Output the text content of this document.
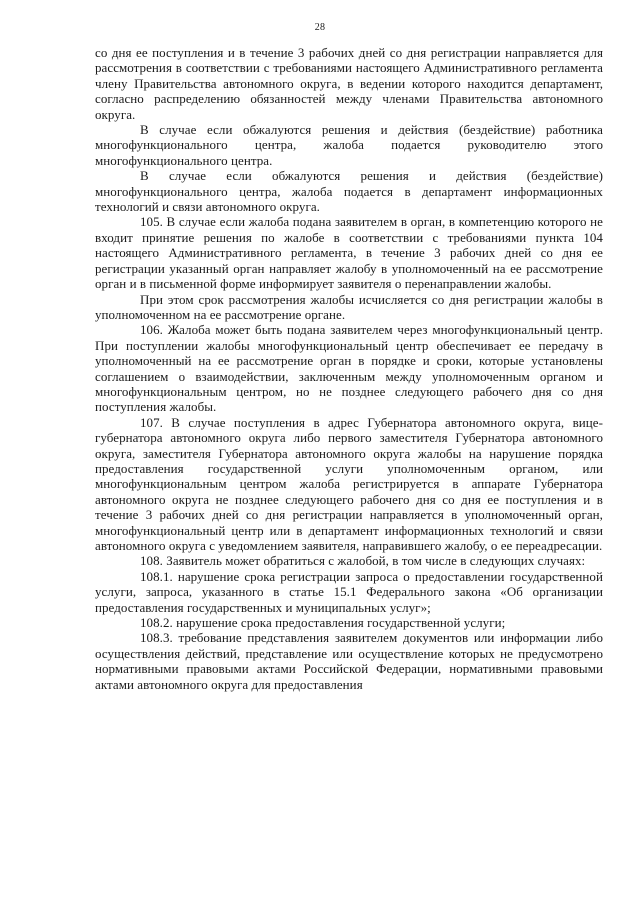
28

со дня ее поступления и в течение 3 рабочих дней со дня регистрации направляется для рассмотрения в соответствии с требованиями настоящего Административного регламента члену Правительства автономного округа, в ведении которого находится департамент, согласно распределению обязанностей между членами Правительства автономного округа.

В случае если обжалуются решения и действия (бездействие) работника многофункционального центра, жалоба подается руководителю этого многофункционального центра.

В случае если обжалуются решения и действия (бездействие) многофункционального центра, жалоба подается в департамент информационных технологий и связи автономного округа.

105. В случае если жалоба подана заявителем в орган, в компетенцию которого не входит принятие решения по жалобе в соответствии с требованиями пункта 104 настоящего Административного регламента, в течение 3 рабочих дней со дня ее регистрации указанный орган направляет жалобу в уполномоченный на ее рассмотрение орган и в письменной форме информирует заявителя о перенаправлении жалобы.

При этом срок рассмотрения жалобы исчисляется со дня регистрации жалобы в уполномоченном на ее рассмотрение органе.

106. Жалоба может быть подана заявителем через многофункциональный центр. При поступлении жалобы многофункциональный центр обеспечивает ее передачу в уполномоченный на ее рассмотрение орган в порядке и сроки, которые установлены соглашением о взаимодействии, заключенным между уполномоченным органом и многофункциональным центром, но не позднее следующего рабочего дня со дня поступления жалобы.

107. В случае поступления в адрес Губернатора автономного округа, вице-губернатора автономного округа либо первого заместителя Губернатора автономного округа, заместителя Губернатора автономного округа жалобы на нарушение порядка предоставления государственной услуги уполномоченным органом, или многофункциональным центром жалоба регистрируется в аппарате Губернатора автономного округа не позднее следующего рабочего дня со дня ее поступления и в течение 3 рабочих дней со дня регистрации направляется в уполномоченный орган, многофункциональный центр или в департамент информационных технологий и связи автономного округа с уведомлением заявителя, направившего жалобу, о ее переадресации.

108. Заявитель может обратиться с жалобой, в том числе в следующих случаях:

108.1. нарушение срока регистрации запроса о предоставлении государственной услуги, запроса, указанного в статье 15.1 Федерального закона «Об организации предоставления государственных и муниципальных услуг»;

108.2. нарушение срока предоставления государственной услуги;

108.3. требование представления заявителем документов или информации либо осуществления действий, представление или осуществление которых не предусмотрено нормативными правовыми актами Российской Федерации, нормативными правовыми актами автономного округа для предоставления
